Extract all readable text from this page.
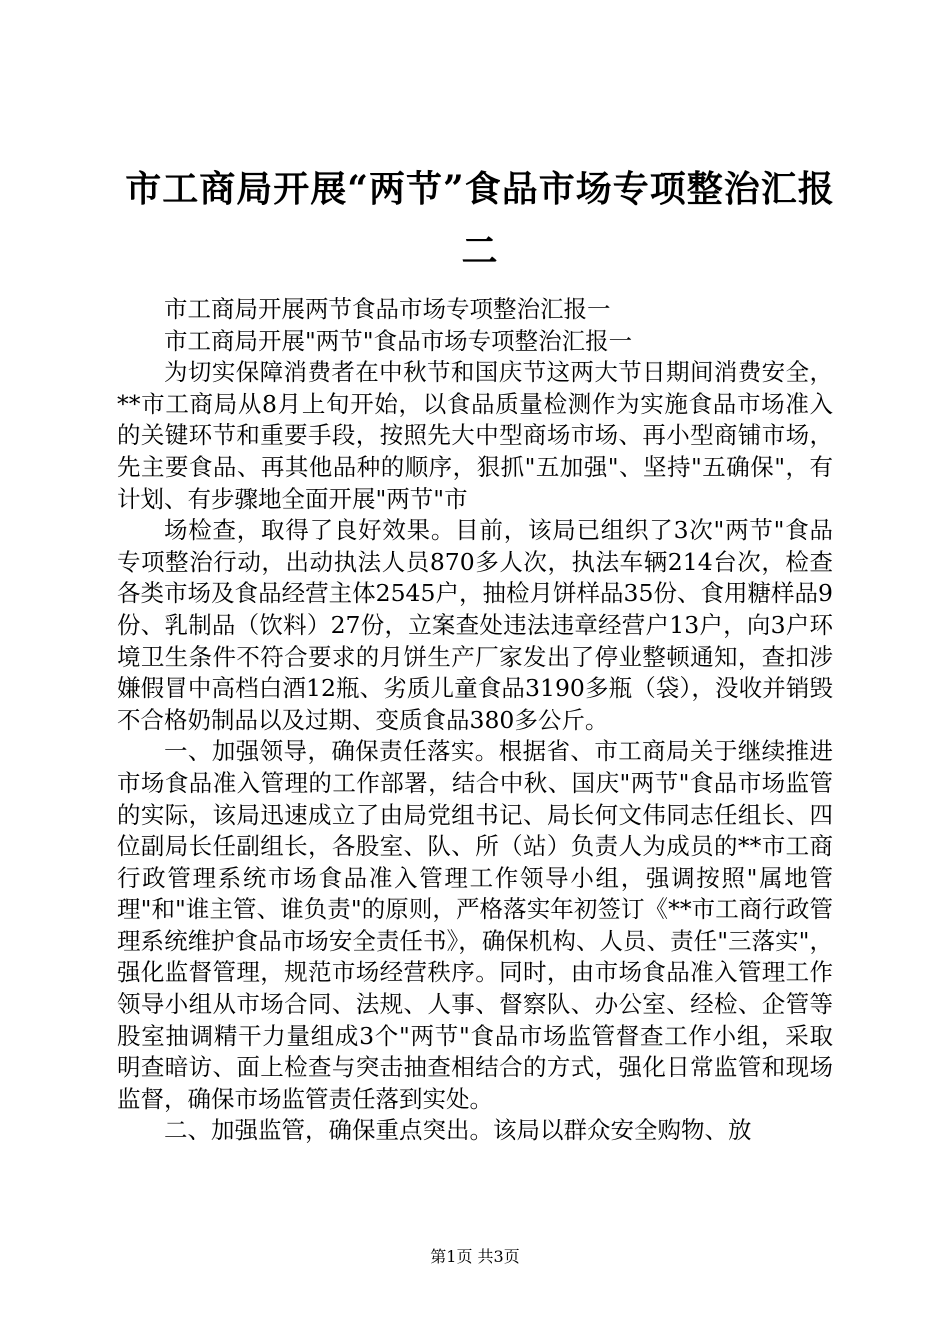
市工商局开展“两节”食品市场专项整治汇报二

市工商局开展两节食品市场专项整治汇报一

市工商局开展"两节"食品市场专项整治汇报一

为切实保障消费者在中秋节和国庆节这两大节日期间消费安全，**市工商局从8月上旬开始，以食品质量检测作为实施食品市场准入的关键环节和重要手段，按照先大中型商场市场、再小型商铺市场，先主要食品、再其他品种的顺序，狠抓"五加强"、坚持"五确保"，有计划、有步骤地全面开展"两节"市

场检查，取得了良好效果。目前，该局已组织了3次"两节"食品专项整治行动，出动执法人员870多人次，执法车辆214台次，检查各类市场及食品经营主体2545户，抽检月饼样品35份、食用糖样品9份、乳制品（饮料）27份，立案查处违法违章经营户13户，向3户环境卫生条件不符合要求的月饼生产厂家发出了停业整顿通知，查扣涉嫌假冒中高档白酒12瓶、劣质儿童食品3190多瓶（袋），没收并销毁不合格奶制品以及过期、变质食品380多公斤。

一、加强领导，确保责任落实。根据省、市工商局关于继续推进市场食品准入管理的工作部署，结合中秋、国庆"两节"食品市场监管的实际，该局迅速成立了由局党组书记、局长何文伟同志任组长、四位副局长任副组长，各股室、队、所（站）负责人为成员的**市工商行政管理系统市场食品准入管理工作领导小组，强调按照"属地管理"和"谁主管、谁负责"的原则，严格落实年初签订《**市工商行政管理系统维护食品市场安全责任书》，确保机构、人员、责任"三落实"，强化监督管理，规范市场经营秩序。同时，由市场食品准入管理工作领导小组从市场合同、法规、人事、督察队、办公室、经检、企管等股室抽调精干力量组成3个"两节"食品市场监管督查工作小组，采取明查暗访、面上检查与突击抽查相结合的方式，强化日常监管和现场监督，确保市场监管责任落到实处。

二、加强监管，确保重点突出。该局以群众安全购物、放

第1页 共3页
